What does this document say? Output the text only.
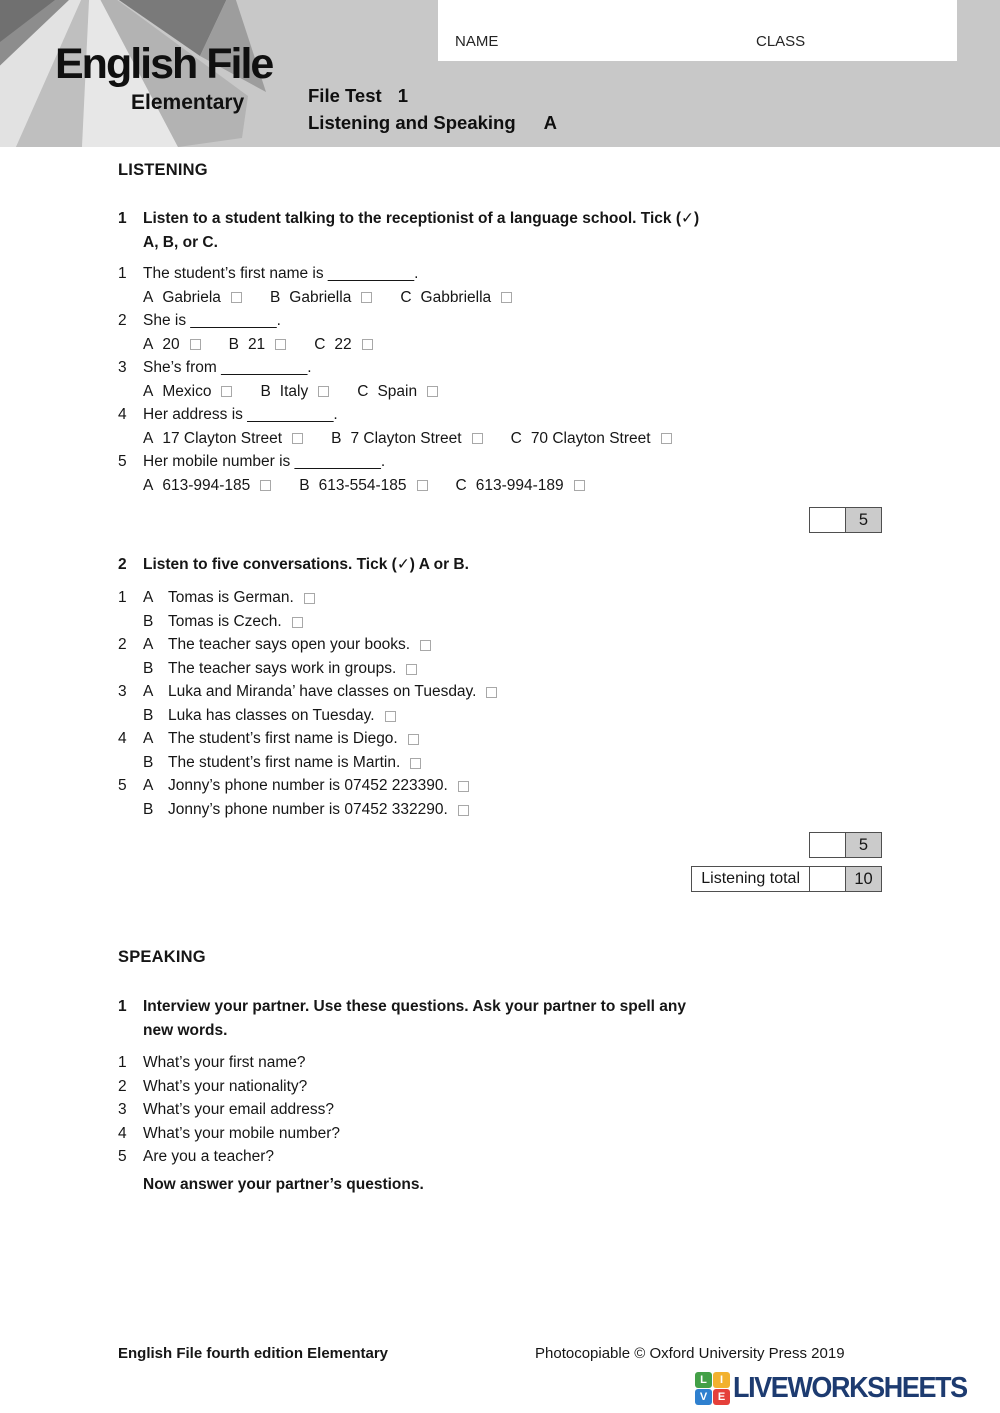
English File
Elementary
NAME	CLASS
File Test 1
Listening and Speaking A
LISTENING
1	Listen to a student talking to the receptionist of a language school. Tick (✓)
A, B, or C.
1	The student’s first name is __________.
A Gabriela	B Gabriella	C Gabbriella
2	She is __________.
A 20	B 21	C 22
3	She’s from __________.
A Mexico	B Italy	C Spain
4	Her address is __________.
A 17 Clayton Street	B 7 Clayton Street	C 70 Clayton Street
5	Her mobile number is __________.
A 613-994-185	B 613-554-185	C 613-994-189
5
2	Listen to five conversations. Tick (✓) A or B.
1	A Tomas is German.
B Tomas is Czech.
2	A The teacher says open your books.
B The teacher says work in groups.
3	A Luka and Miranda’ have classes on Tuesday.
B Luka has classes on Tuesday.
4	A The student’s first name is Diego.
B The student’s first name is Martin.
5	A Jonny’s phone number is 07452 223390.
B Jonny’s phone number is 07452 332290.
5
Listening total	10
SPEAKING
1	Interview your partner. Use these questions. Ask your partner to spell any
new words.
1	What’s your first name?
2	What’s your nationality?
3	What’s your email address?
4	What’s your mobile number?
5	Are you a teacher?
Now answer your partner’s questions.
English File fourth edition Elementary	Photocopiable © Oxford University Press 2019
L	I
V E LIVEWORKSHEETS
